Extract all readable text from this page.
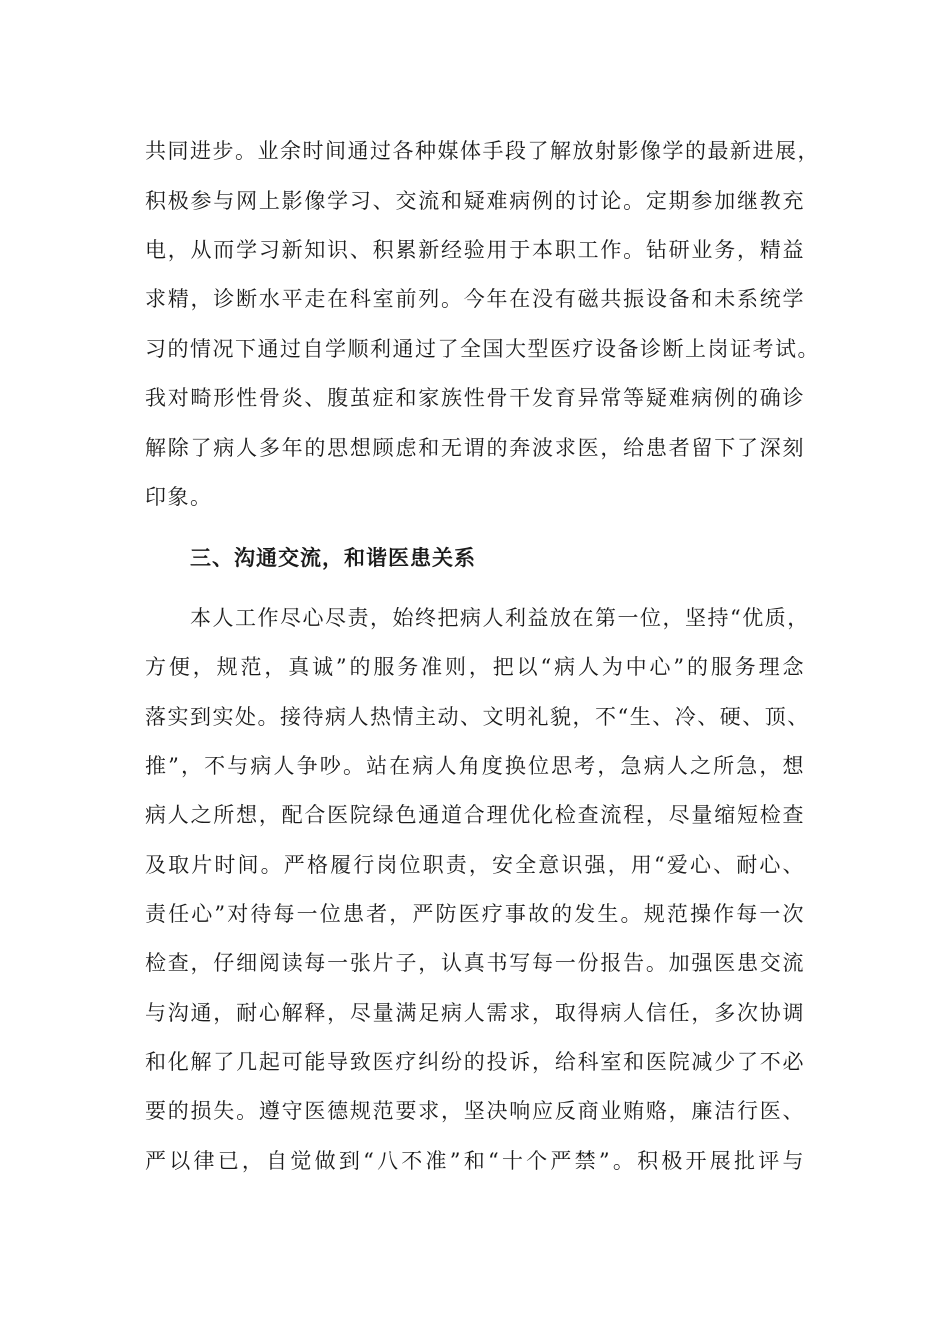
共同进步。业余时间通过各种媒体手段了解放射影像学的最新进展，
积极参与网上影像学习、交流和疑难病例的讨论。定期参加继教充
电，从而学习新知识、积累新经验用于本职工作。钻研业务，精益
求精，诊断水平走在科室前列。今年在没有磁共振设备和未系统学
习的情况下通过自学顺利通过了全国大型医疗设备诊断上岗证考试。
我对畸形性骨炎、腹茧症和家族性骨干发育异常等疑难病例的确诊
解除了病人多年的思想顾虑和无谓的奔波求医，给患者留下了深刻
印象。
三、沟通交流，和谐医患关系
本人工作尽心尽责，始终把病人利益放在第一位，坚持“优质，
方便，规范，真诚”的服务准则，把以“病人为中心”的服务理念
落实到实处。接待病人热情主动、文明礼貌，不“生、冷、硬、顶、
推”，不与病人争吵。站在病人角度换位思考，急病人之所急，想
病人之所想，配合医院绿色通道合理优化检查流程，尽量缩短检查
及取片时间。严格履行岗位职责，安全意识强，用“爱心、耐心、
责任心”对待每一位患者，严防医疗事故的发生。规范操作每一次
检查，仔细阅读每一张片子，认真书写每一份报告。加强医患交流
与沟通，耐心解释，尽量满足病人需求，取得病人信任，多次协调
和化解了几起可能导致医疗纠纷的投诉，给科室和医院减少了不必
要的损失。遵守医德规范要求，坚决响应反商业贿赂，廉洁行医、
严以律已，自觉做到“八不准”和“十个严禁”。积极开展批评与
